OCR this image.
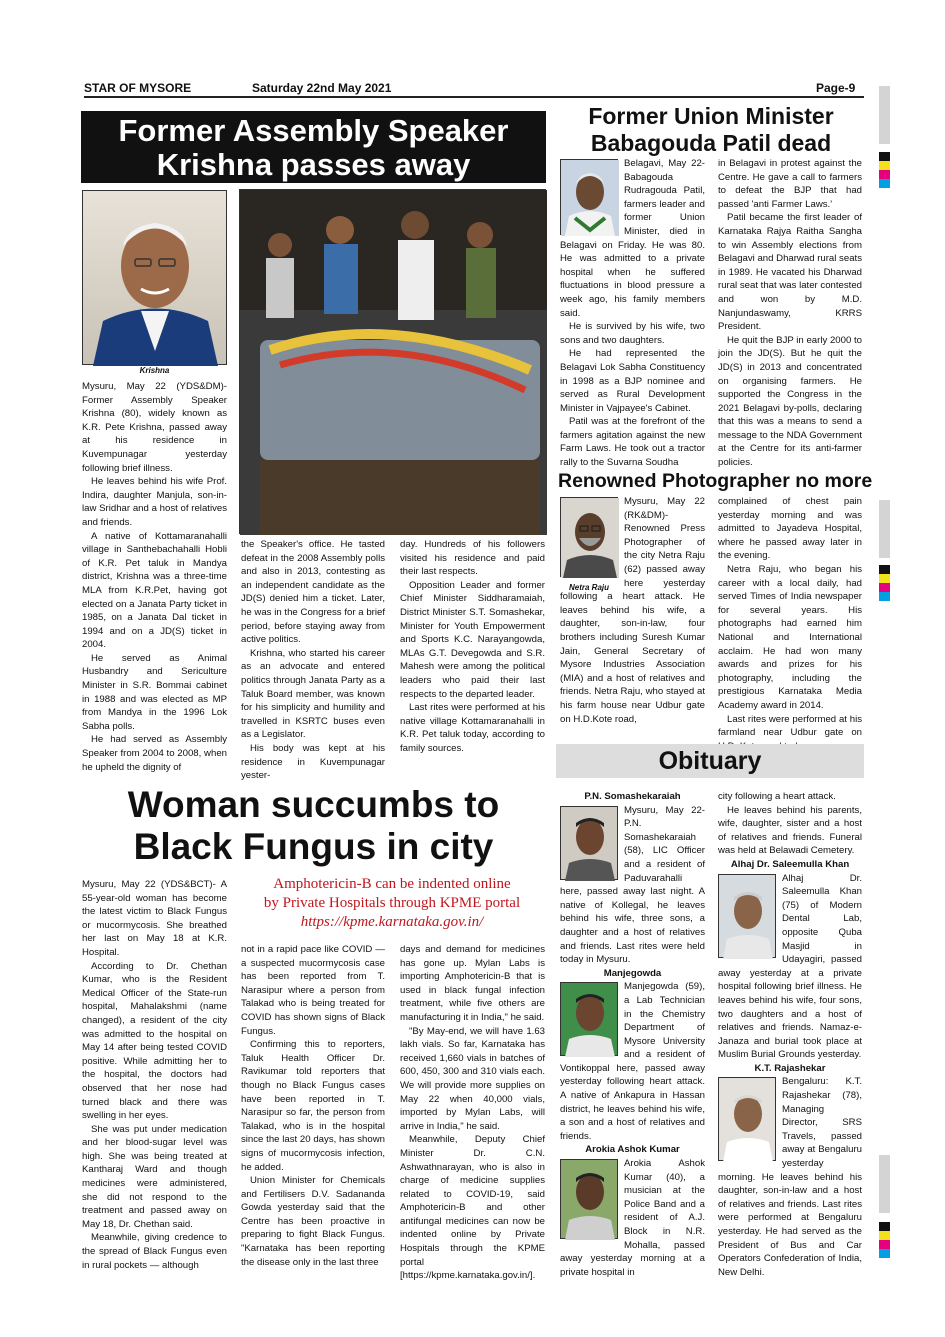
STAR OF MYSORE	Saturday 22nd May 2021	Page-9
Former Assembly Speaker
Krishna passes away
Krishna

Mysuru, May 22 (YDS&DM)- Former Assembly Speaker Krishna (80), widely known as K.R. Pete Krishna, passed away at his residence in Kuvempunagar yesterday following brief illness.

He leaves behind his wife Prof. Indira, daughter Manjula, son-in-law Sridhar and a host of relatives and friends.

A native of Kottamaranahalli village in Santhebachahalli Hobli of K.R. Pet taluk in Mandya district, Krishna was a three-time MLA from K.R.Pet, having got elected on a Janata Party ticket in 1985, on a Janata Dal ticket in 1994 and on a JD(S) ticket in 2004.

He served as Animal Husbandry and Sericulture Minister in S.R. Bommai cabinet in 1988 and was elected as MP from Mandya in the 1996 Lok Sabha polls.

He had served as Assembly Speaker from 2004 to 2008, when he upheld the dignity of

the Speaker's office. He tasted defeat in the 2008 Assembly polls and also in 2013, contesting as an independent candidate as the JD(S) denied him a ticket. Later, he was in the Congress for a brief period, before staying away from active politics.

Krishna, who started his career as an advocate and entered politics through Janata Party as a Taluk Board member, was known for his simplicity and humility and travelled in KSRTC buses even as a Legislator.

His body was kept at his residence in Kuvempunagar yester-

day. Hundreds of his followers visited his residence and paid their last respects.

Opposition Leader and former Chief Minister Siddharamaiah, District Minister S.T. Somashekar, Minister for Youth Empowerment and Sports K.C. Narayangowda, MLAs G.T. Devegowda and S.R. Mahesh were among the political leaders who paid their last respects to the departed leader.

Last rites were performed at his native village Kottamaranahalli in K.R. Pet taluk today, according to family sources.

Former Union Minister
Babagouda Patil dead

Belagavi, May 22- Babagouda Rudragouda Patil, farmers leader and former Union Minister, died in Belagavi on Friday. He was 80. He was admitted to a private hospital when he suffered fluctuations in blood pressure a week ago, his family members said.

He is survived by his wife, two sons and two daughters.

He had represented the Belagavi Lok Sabha Constituency in 1998 as a BJP nominee and served as Rural Development Minister in Vajpayee's Cabinet.

Patil was at the forefront of the farmers agitation against the new Farm Laws. He took out a tractor rally to the Suvarna Soudha

in Belagavi in protest against the Centre. He gave a call to farmers to defeat the BJP that had passed 'anti Farmer Laws.'

Patil became the first leader of Karnataka Rajya Raitha Sangha to win Assembly elections from Belagavi and Dharwad rural seats in 1989. He vacated his Dharwad rural seat that was later contested and won by M.D. Nanjundaswamy, KRRS President.

He quit the BJP in early 2000 to join the JD(S). But he quit the JD(S) in 2013 and concentrated on organising farmers. He supported the Congress in the 2021 Belagavi by-polls, declaring that this was a means to send a message to the NDA Government at the Centre for its anti-farmer policies.

Renowned Photographer no more
Netra Raju

Mysuru, May 22 (RK&DM)- Renowned Press Photographer of the city Netra Raju (62) passed away here yesterday following a heart attack. He leaves behind his wife, a daughter, son-in-law, four brothers including Suresh Kumar Jain, General Secretary of Mysore Industries Association (MIA) and a host of relatives and friends. Netra Raju, who stayed at his farm house near Udbur gate on H.D.Kote road,

complained of chest pain yesterday morning and was admitted to Jayadeva Hospital, where he passed away later in the evening.

Netra Raju, who began his career with a local daily, had served Times of India newspaper for several years. His photographs had earned him National and International acclaim. He had won many awards and prizes for his photography, including the prestigious Karnataka Media Academy award in 2014.

Last rites were performed at his farmland near Udbur gate on

Obituary
P.N. Somashekaraiah

Mysuru, May 22- P.N. Somashekaraiah (58), LIC Officer and a resident of Paduvarahalli here, passed away last night. A native of Kollegal, he leaves behind his wife, three sons, a daughter and a host of relatives and friends. Last rites were held today in Mysuru.

Manjegowda

Manjegowda (59), a Lab Technician in the Chemistry Department of Mysore University and a resident of Vontikoppal here, passed away yesterday following heart attack. A native of Ankapura in Hassan district, he leaves behind his wife, a son and a host of relatives and friends.

Arokia Ashok Kumar

Arokia Ashok Kumar (40), a musician at the Police Band and a resident of A.J. Block in N.R. Mohalla, passed away yesterday morning at a private hospital in

city following a heart attack.

He leaves behind his parents, wife, daughter, sister and a host of relatives and friends. Funeral was held at Belawadi Cemetery.

Alhaj Dr. Saleemulla Khan

Alhaj Dr. Saleemulla Khan (75) of Modern Dental Lab, opposite Quba Masjid in Udayagiri, passed away yesterday at a private hospital following brief illness. He leaves behind his wife, four sons, two daughters and a host of relatives and friends. Namaz-e-Janaza and burial took place at Muslim Burial Grounds yesterday.

K.T. Rajashekar

Bengaluru: K.T. Rajashekar (78), Managing Director, SRS Travels, passed away at Bengaluru yesterday morning. He leaves behind his daughter, son-in-law and a host of relatives and friends. Last rites were performed at Bengaluru yesterday. He had served as the President of Bus and Car Operators Confederation of India, New Delhi.

Woman succumbs to
Black Fungus in city
Amphotericin-B can be indented online
by Private Hospitals through KPME portal
https://kpme.karnataka.gov.in/

Mysuru, May 22 (YDS&BCT)- A 55-year-old woman has become the latest victim to Black Fungus or mucormycosis. She breathed her last on May 18 at K.R. Hospital.

According to Dr. Chethan Kumar, who is the Resident Medical Officer of the State-run hospital, Mahalakshmi (name changed), a resident of the city was admitted to the hospital on May 14 after being tested COVID positive. While admitting her to the hospital, the doctors had observed that her nose had turned black and there was swelling in her eyes.

She was put under medication and her blood-sugar level was high. She was being treated at Kantharaj Ward and though medicines were administered, she did not respond to the treatment and passed away on May 18, Dr. Chethan said.

Meanwhile, giving credence to the spread of Black Fungus even in rural pockets — although

not in a rapid pace like COVID — a suspected mucormycosis case has been reported from T. Narasipur where a person from Talakad who is being treated for COVID has shown signs of Black Fungus.

Confirming this to reporters, Taluk Health Officer Dr. Ravikumar told reporters that though no Black Fungus cases have been reported in T. Narasipur so far, the person from Talakad, who is in the hospital since the last 20 days, has shown signs of mucormycosis infection, he added.

Union Minister for Chemicals and Fertilisers D.V. Sadananda Gowda yesterday said that the Centre has been proactive in preparing to fight Black Fungus. "Karnataka has been reporting the disease only in the last three

days and demand for medicines has gone up. Mylan Labs is importing Amphotericin-B that is used in black fungal infection treatment, while five others are manufacturing it in India," he said.

"By May-end, we will have 1.63 lakh vials. So far, Karnataka has received 1,660 vials in batches of 600, 450, 300 and 310 vials each. We will provide more supplies on May 22 when 40,000 vials, imported by Mylan Labs, will arrive in India," he said.

Meanwhile, Deputy Chief Minister Dr. C.N. Ashwathnarayan, who is also in charge of medicine supplies related to COVID-19, said Amphotericin-B and other antifungal medicines can now be indented online by Private Hospitals through the KPME portal [https://kpme.karnataka.gov.in/].
